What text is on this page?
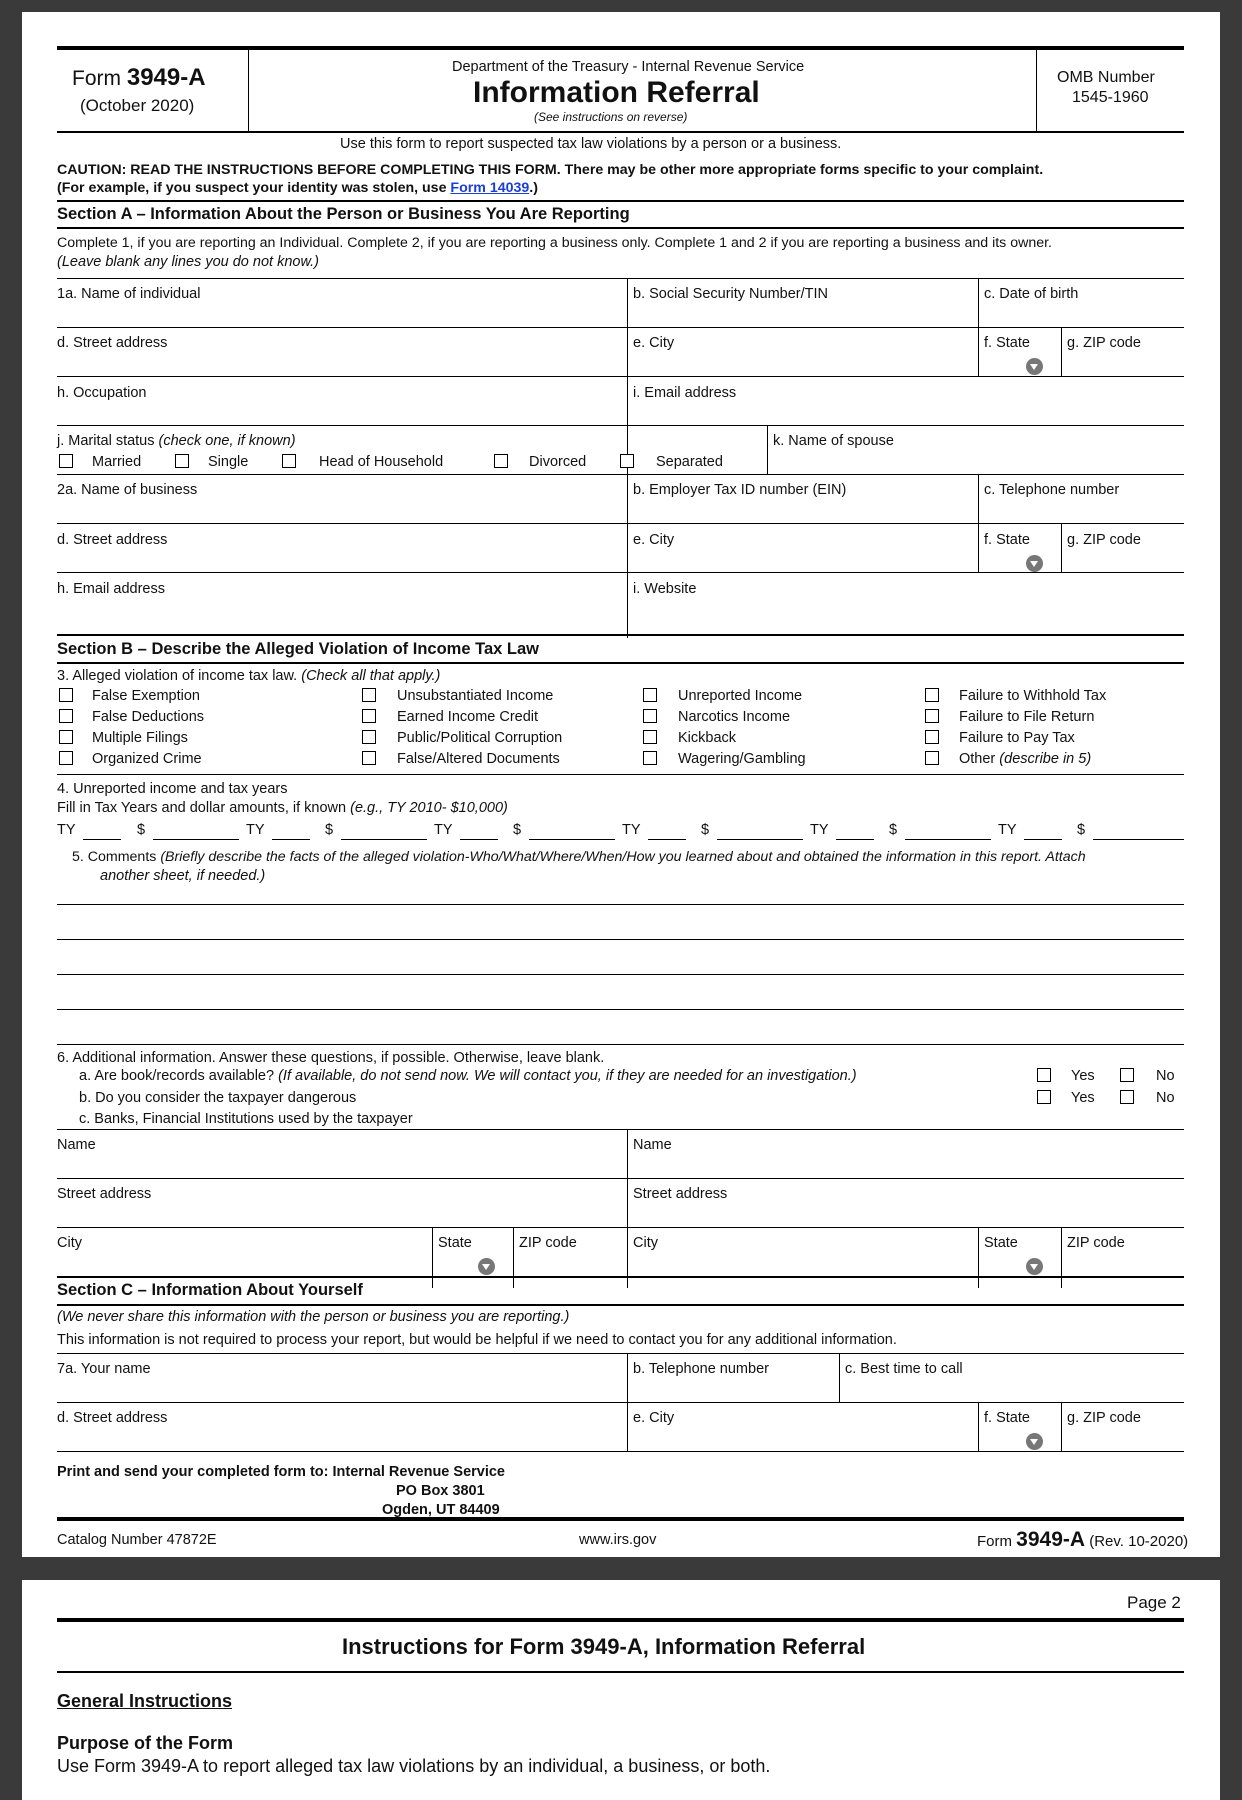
Form 3949-A
(October 2020)
Department of the Treasury - Internal Revenue Service
Information Referral
(See instructions on reverse)
OMB Number
1545-1960
Use this form to report suspected tax law violations by a person or a business.
CAUTION: READ THE INSTRUCTIONS BEFORE COMPLETING THIS FORM. There may be other more appropriate forms specific to your complaint.
(For example, if you suspect your identity was stolen, use Form 14039.)
Section A – Information About the Person or Business You Are Reporting
Complete 1, if you are reporting an Individual. Complete 2, if you are reporting a business only. Complete 1 and 2 if you are reporting a business and its owner.
(Leave blank any lines you do not know.)
1a. Name of individual	b. Social Security Number/TIN	c. Date of birth
d. Street address	e. City	f. State	g. ZIP code
h. Occupation	i. Email address
j. Marital status (check one, if known)
Married	Single	Head of Household	Divorced	Separated
k. Name of spouse
2a. Name of business	b. Employer Tax ID number (EIN)	c. Telephone number
d. Street address	e. City	f. State	g. ZIP code
h. Email address	i. Website
Section B – Describe the Alleged Violation of Income Tax Law
3. Alleged violation of income tax law. (Check all that apply.)
False Exemption
False Deductions
Multiple Filings
Organized Crime
Unsubstantiated Income
Earned Income Credit
Public/Political Corruption
False/Altered Documents
Unreported Income
Narcotics Income
Kickback
Wagering/Gambling
Failure to Withhold Tax
Failure to File Return
Failure to Pay Tax
Other (describe in 5)
4. Unreported income and tax years
Fill in Tax Years and dollar amounts, if known (e.g., TY 2010- $10,000)
TY	$	TY	$	TY	$	TY	$	TY	$	TY	$
5. Comments (Briefly describe the facts of the alleged violation-Who/What/Where/When/How you learned about and obtained the information in this report. Attach
another sheet, if needed.)
6. Additional information. Answer these questions, if possible. Otherwise, leave blank.
a. Are book/records available? (If available, do not send now. We will contact you, if they are needed for an investigation.)	Yes	No
b. Do you consider the taxpayer dangerous	Yes	No
c. Banks, Financial Institutions used by the taxpayer
Name	Name
Street address	Street address
City	State	ZIP code	City	State	ZIP code
Section C – Information About Yourself
(We never share this information with the person or business you are reporting.)
This information is not required to process your report, but would be helpful if we need to contact you for any additional information.
7a. Your name	b. Telephone number	c. Best time to call
d. Street address	e. City	f. State	g. ZIP code
Print and send your completed form to: Internal Revenue Service
PO Box 3801
Ogden, UT 84409
Catalog Number 47872E	www.irs.gov	Form 3949-A (Rev. 10-2020)
Page 2
Instructions for Form 3949-A, Information Referral
General Instructions
Purpose of the Form
Use Form 3949-A to report alleged tax law violations by an individual, a business, or both.
